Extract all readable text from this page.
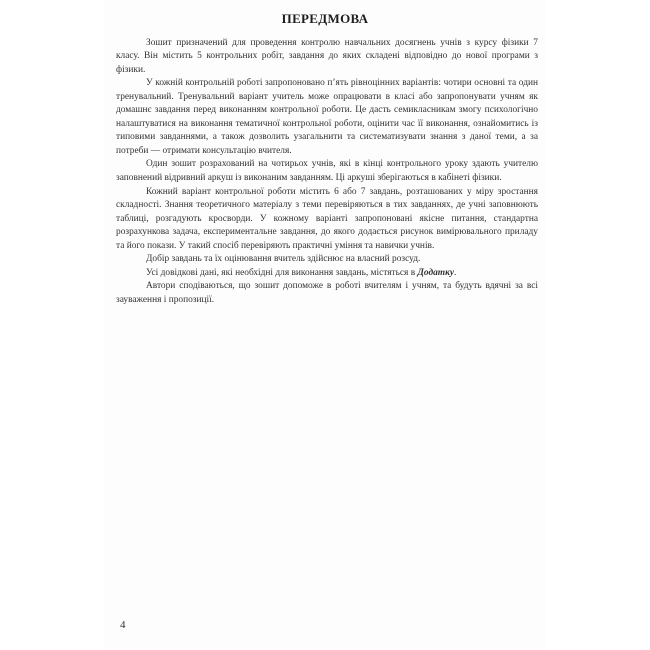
ПЕРЕДМОВА

Зошит призначений для проведення контролю навчальних досягнень учнів з курсу фізики 7 класу. Він містить 5 контрольних робіт, завдання до яких складені відповідно до нової програми з фізики.

У кожній контрольній роботі запропоновано п’ять рівноцінних варіантів: чотири основні та один тренувальний. Тренувальний варіант учитель може опрацювати в класі або запропонувати учням як домашнє завдання перед виконанням контрольної роботи. Це дасть семикласникам змогу психологічно налаштуватися на виконання тематичної контрольної роботи, оцінити час її виконання, ознайомитись із типовими завданнями, а також дозволить узагальнити та систематизувати знання з даної теми, а за потреби — отримати консультацію вчителя.

Один зошит розрахований на чотирьох учнів, які в кінці контрольного уроку здають учителю заповнений відривний аркуш із виконаним завданням. Ці аркуші зберігаються в кабінеті фізики.

Кожний варіант контрольної роботи містить 6 або 7 завдань, розташованих у міру зростання складності. Знання теоретичного матеріалу з теми перевіряються в тих завданнях, де учні заповнюють таблиці, розгадують кросворди. У кожному варіанті запропоновані якісне питання, стандартна розрахункова задача, експериментальне завдання, до якого додається рисунок вимірювального приладу та його покази. У такий спосіб перевіряють практичні уміння та навички учнів.

Добір завдань та їх оцінювання вчитель здійснює на власний розсуд.

Усі довідкові дані, які необхідні для виконання завдань, містяться в Додатку.

Автори сподіваються, що зошит допоможе в роботі вчителям і учням, та будуть вдячні за всі зауваження і пропозиції.

4
